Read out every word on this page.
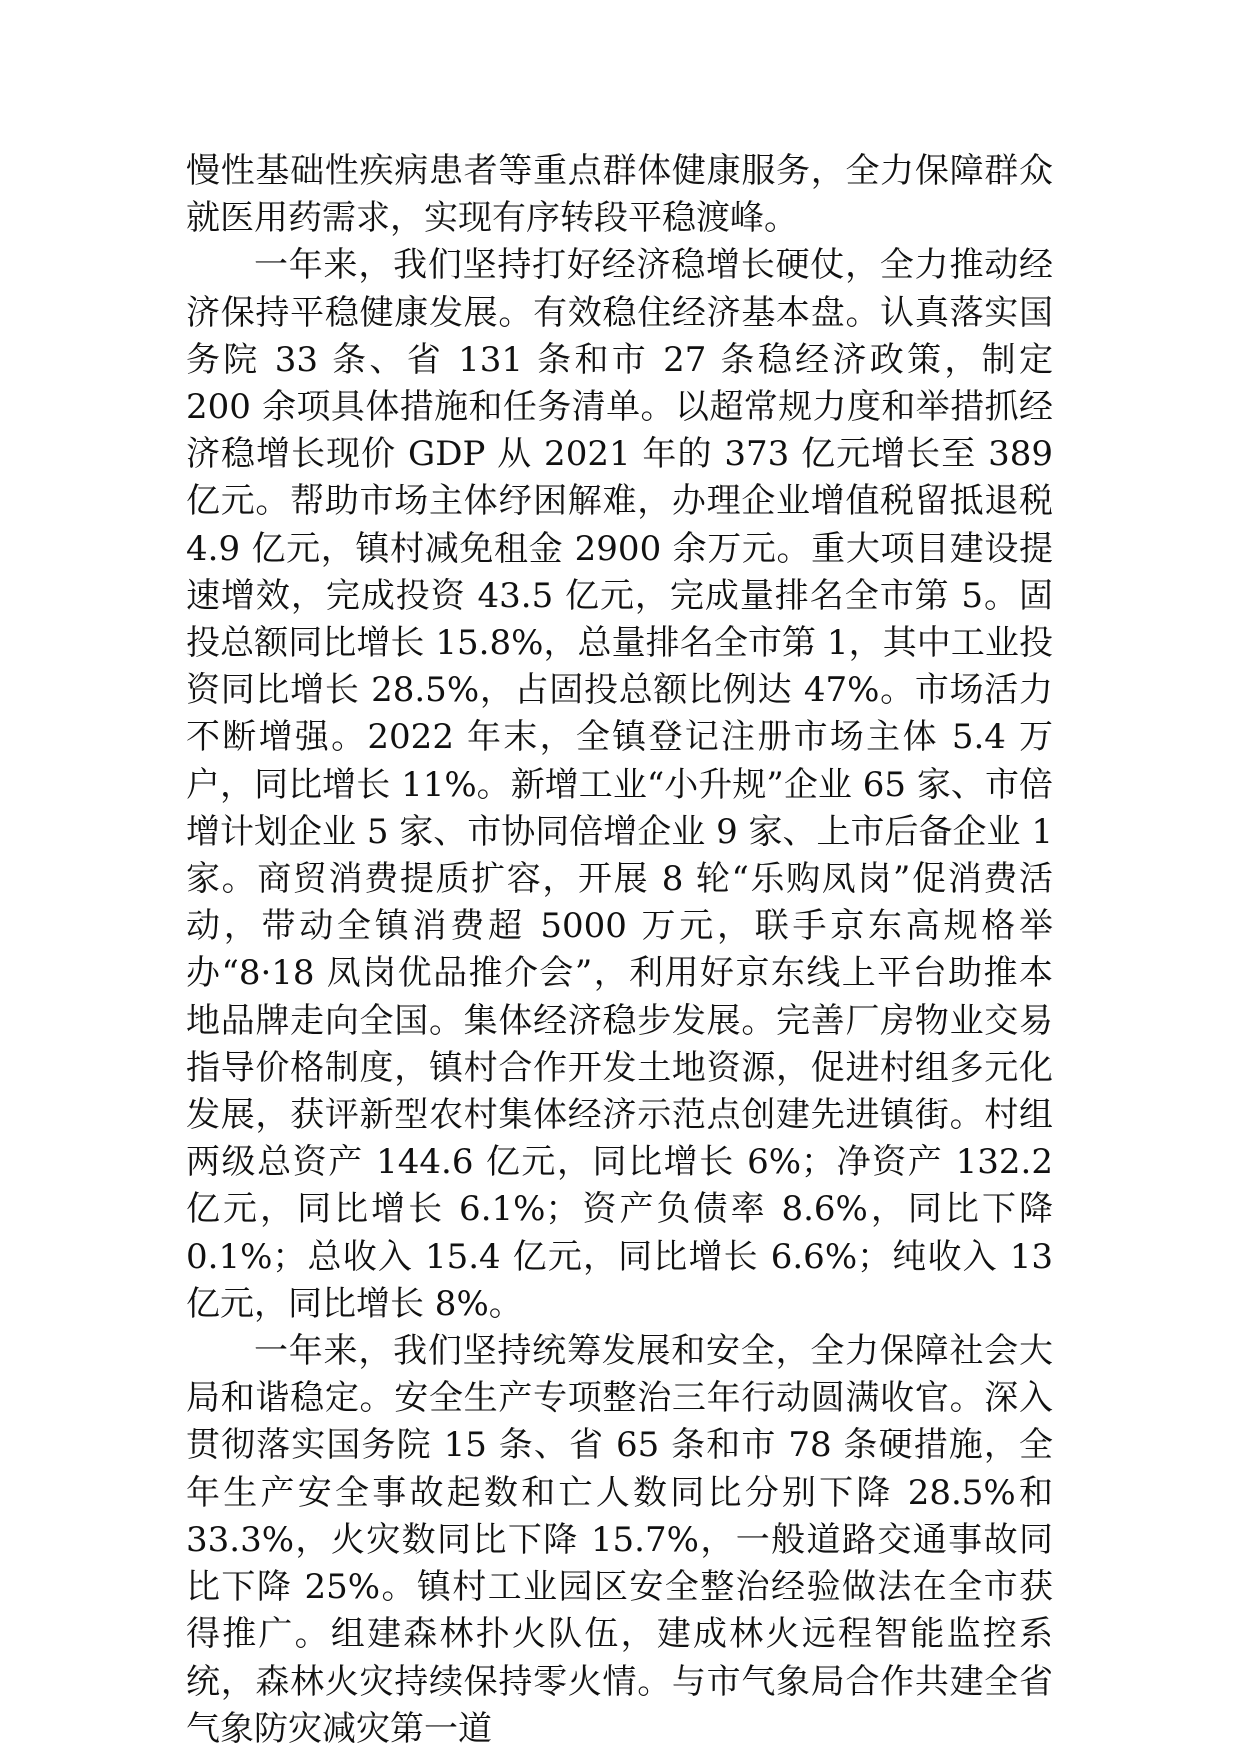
慢性基础性疾病患者等重点群体健康服务，全力保障群众就医用药需求，实现有序转段平稳渡峰。

一年来，我们坚持打好经济稳增长硬仗，全力推动经济保持平稳健康发展。有效稳住经济基本盘。认真落实国务院 33 条、省 131 条和市 27 条稳经济政策，制定 200 余项具体措施和任务清单。以超常规力度和举措抓经济稳增长现价 GDP 从 2021 年的 373 亿元增长至 389 亿元。帮助市场主体纾困解难，办理企业增值税留抵退税 4.9 亿元，镇村减免租金 2900 余万元。重大项目建设提速增效，完成投资 43.5 亿元，完成量排名全市第 5。固投总额同比增长 15.8%，总量排名全市第 1，其中工业投资同比增长 28.5%，占固投总额比例达 47%。市场活力不断增强。2022 年末，全镇登记注册市场主体 5.4 万户，同比增长 11%。新增工业“小升规”企业 65 家、市倍增计划企业 5 家、市协同倍增企业 9 家、上市后备企业 1 家。商贸消费提质扩容，开展 8 轮“乐购凤岗”促消费活动，带动全镇消费超 5000 万元，联手京东高规格举办“8·18 凤岗优品推介会”，利用好京东线上平台助推本地品牌走向全国。集体经济稳步发展。完善厂房物业交易指导价格制度，镇村合作开发土地资源，促进村组多元化发展，获评新型农村集体经济示范点创建先进镇街。村组两级总资产 144.6 亿元，同比增长 6%；净资产 132.2 亿元，同比增长 6.1%；资产负债率 8.6%，同比下降 0.1%；总收入 15.4 亿元，同比增长 6.6%；纯收入 13 亿元，同比增长 8%。

一年来，我们坚持统筹发展和安全，全力保障社会大局和谐稳定。安全生产专项整治三年行动圆满收官。深入贯彻落实国务院 15 条、省 65 条和市 78 条硬措施，全年生产安全事故起数和亡人数同比分别下降 28.5%和 33.3%，火灾数同比下降 15.7%，一般道路交通事故同比下降 25%。镇村工业园区安全整治经验做法在全市获得推广。组建森林扑火队伍，建成林火远程智能监控系统，森林火灾持续保持零火情。与市气象局合作共建全省气象防灾减灾第一道
